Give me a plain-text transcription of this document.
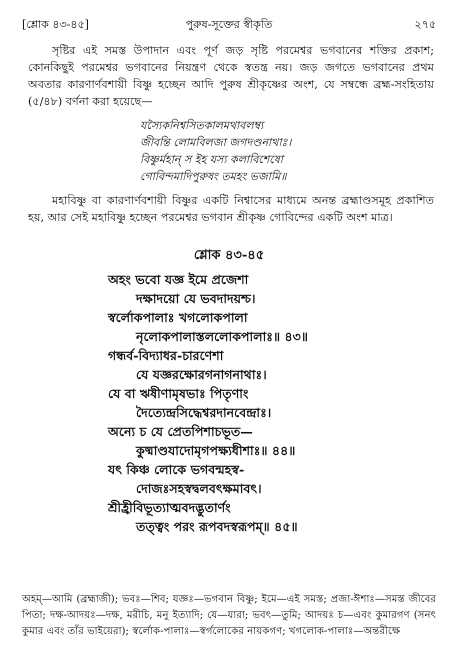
[শ্লোক ৪৩-৪৫]	পুরুষ-সূক্তের স্বীকৃতি	২৭৫

সৃষ্টির এই সমস্ত উপাদান এবং পূর্ণ জড় সৃষ্টি পরমেশ্বর ভগবানের শক্তির প্রকাশ; কোনকিছুই পরমেশ্বর ভগবানের নিয়ন্ত্রণ থেকে স্বতন্ত্র নয়। জড় জগতে ভগবানের প্রথম অবতার কারণার্ণবশায়ী বিষ্ণু হচ্ছেন আদি পুরুষ শ্রীকৃষ্ণের অংশ, যে সম্বন্ধে ব্রহ্ম-সংহিতায় (৫/৪৮) বর্ণনা করা হয়েছে—

যস্যৈকনিশ্বসিতকালমথাবলম্ব্য
জীবন্তি লোমবিলজা জগদণ্ডনাথাঃ।
বিষ্ণুর্মহান্ স ইহ যস্য কলাবিশেষো
গোবিন্দমাদিপুরুষং তমহং ভজামি॥

মহাবিষ্ণু বা কারণার্ণবশায়ী বিষ্ণুর একটি নিশ্বাসের মাধ্যমে অনন্ত ব্রহ্মাণ্ডসমূহ প্রকাশিত হয়, আর সেই মহাবিষ্ণু হচ্ছেন পরমেশ্বর ভগবান শ্রীকৃষ্ণ গোবিন্দের একটি অংশ মাত্র।

শ্লোক ৪৩-৪৫
অহং ভবো যজ্ঞ ইমে প্রজেশা
দক্ষাদয়ো যে ভবদাদয়শ্চ।
স্বর্লোকপালাঃ খগলোকপালা
নৃলোকপালাস্তললোকপালাঃ॥ ৪৩॥
গন্ধর্ব-বিদ্যাধর-চারণেশা
যে যজ্ঞরক্ষোরগনাগনাথাঃ।
যে বা ঋষীণামৃষভাঃ পিতৃণাং
দৈত্যেন্দ্রসিদ্ধেশ্বরদানবেন্দ্রাঃ।
অন্যে চ যে প্রেতপিশাচভূত—
কুষ্মাণ্ডযাদোমৃগপক্ষ্যধীশাঃ॥ ৪৪॥
যৎ কিঞ্চ লোকে ভগবন্মহস্ব-
দোজঃসহস্বদ্বলবৎক্ষমাবৎ।
শ্রীহ্রীবিভূত্যাত্মবদদ্ভুতার্ণং
তত্ত্বং পরং রূপবদস্বরূপম্॥ ৪৫॥
অহম্—আমি (ব্রহ্মাজী); ভবঃ—শিব; যজ্ঞঃ—ভগবান বিষ্ণু; ইমে—এই সমস্ত; প্রজা-ঈশাঃ—সমস্ত জীবের পিতা; দক্ষ-আদয়ঃ—দক্ষ, মরীচি, মনু ইত্যাদি; যে—যারা; ভবৎ—তুমি; আদয়ঃ চ—এবং কুমারগণ (সনৎ কুমার এবং তাঁর ভাইয়েরা); স্বর্লোক-পালাঃ—স্বর্গলোকের নায়কগণ; খগলোক-পালাঃ—অন্তরীক্ষে
